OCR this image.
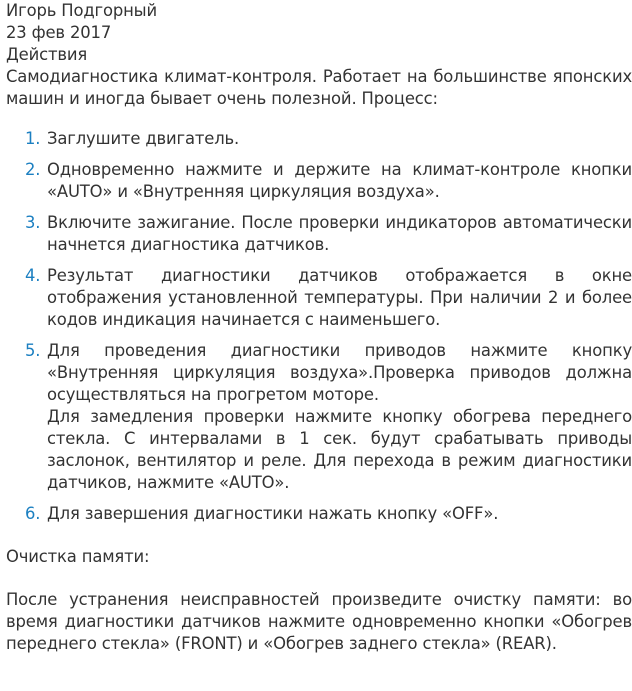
Игорь Подгорный
23 фев 2017
Действия

Самодиагностика климат-контроля. Работает на большинстве японских машин и иногда бывает очень полезной. Процесс:

1. Заглушите двигатель.
2. Одновременно нажмите и держите на климат-контроле кнопки «AUTO» и «Внутренняя циркуляция воздуха».
3. Включите зажигание. После проверки индикаторов автоматически начнется диагностика датчиков.
4. Результат диагностики датчиков отображается в окне отображения установленной температуры. При наличии 2 и более кодов индикация начинается с наименьшего.
5. Для проведения диагностики приводов нажмите кнопку «Внутренняя циркуляция воздуха».Проверка приводов должна осуществляться на прогретом моторе.
Для замедления проверки нажмите кнопку обогрева переднего стекла. С интервалами в 1 сек. будут срабатывать приводы заслонок, вентилятор и реле. Для перехода в режим диагностики датчиков, нажмите «AUTO».
6. Для завершения диагностики нажать кнопку «OFF».

Очистка памяти:

После устранения неисправностей произведите очистку памяти: во время диагностики датчиков нажмите одновременно кнопки «Обогрев переднего стекла» (FRONT) и «Обогрев заднего стекла» (REAR).
